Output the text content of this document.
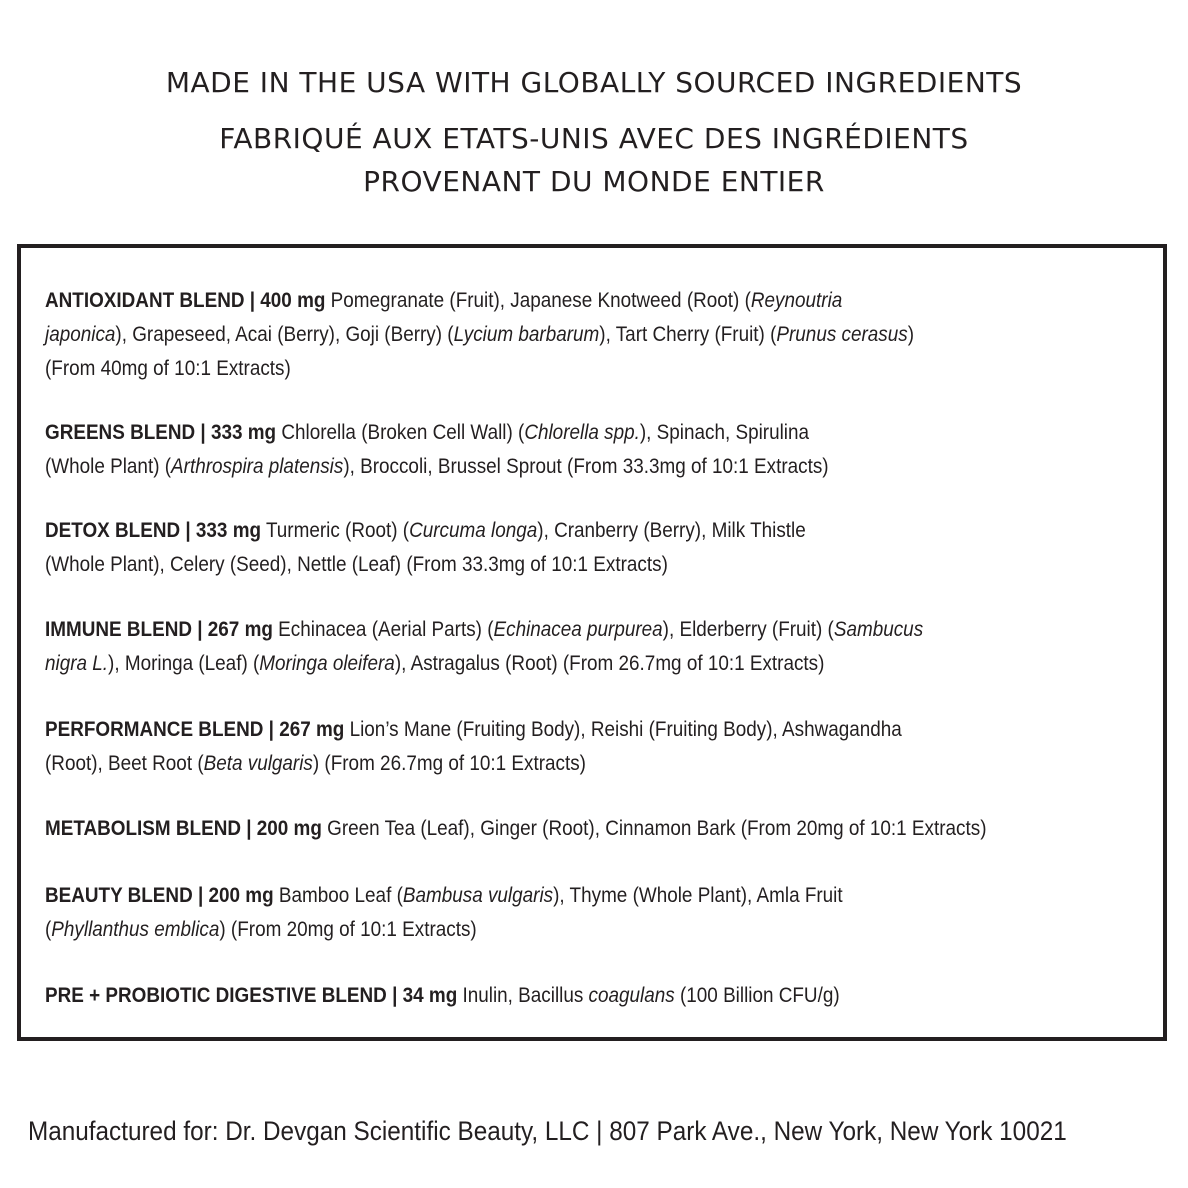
MADE IN THE USA WITH GLOBALLY SOURCED INGREDIENTS
FABRIQUÉ AUX ETATS-UNIS AVEC DES INGRÉDIENTS
PROVENANT DU MONDE ENTIER
ANTIOXIDANT BLEND | 400 mg Pomegranate (Fruit), Japanese Knotweed (Root) (Reynoutria
japonica), Grapeseed, Acai (Berry), Goji (Berry) (Lycium barbarum), Tart Cherry (Fruit) (Prunus cerasus)
(From 40mg of 10:1 Extracts)
GREENS BLEND | 333 mg Chlorella (Broken Cell Wall) (Chlorella spp.), Spinach, Spirulina
(Whole Plant) (Arthrospira platensis), Broccoli, Brussel Sprout (From 33.3mg of 10:1 Extracts)
DETOX BLEND | 333 mg Turmeric (Root) (Curcuma longa), Cranberry (Berry), Milk Thistle
(Whole Plant), Celery (Seed), Nettle (Leaf) (From 33.3mg of 10:1 Extracts)
IMMUNE BLEND | 267 mg Echinacea (Aerial Parts) (Echinacea purpurea), Elderberry (Fruit) (Sambucus
nigra L.), Moringa (Leaf) (Moringa oleifera), Astragalus (Root) (From 26.7mg of 10:1 Extracts)
PERFORMANCE BLEND | 267 mg Lion’s Mane (Fruiting Body), Reishi (Fruiting Body), Ashwagandha
(Root), Beet Root (Beta vulgaris) (From 26.7mg of 10:1 Extracts)
METABOLISM BLEND | 200 mg Green Tea (Leaf), Ginger (Root), Cinnamon Bark (From 20mg of 10:1 Extracts)
BEAUTY BLEND | 200 mg Bamboo Leaf (Bambusa vulgaris), Thyme (Whole Plant), Amla Fruit
(Phyllanthus emblica) (From 20mg of 10:1 Extracts)
PRE + PROBIOTIC DIGESTIVE BLEND | 34 mg Inulin, Bacillus coagulans (100 Billion CFU/g)
Manufactured for: Dr. Devgan Scientific Beauty, LLC | 807 Park Ave., New York, New York 10021
